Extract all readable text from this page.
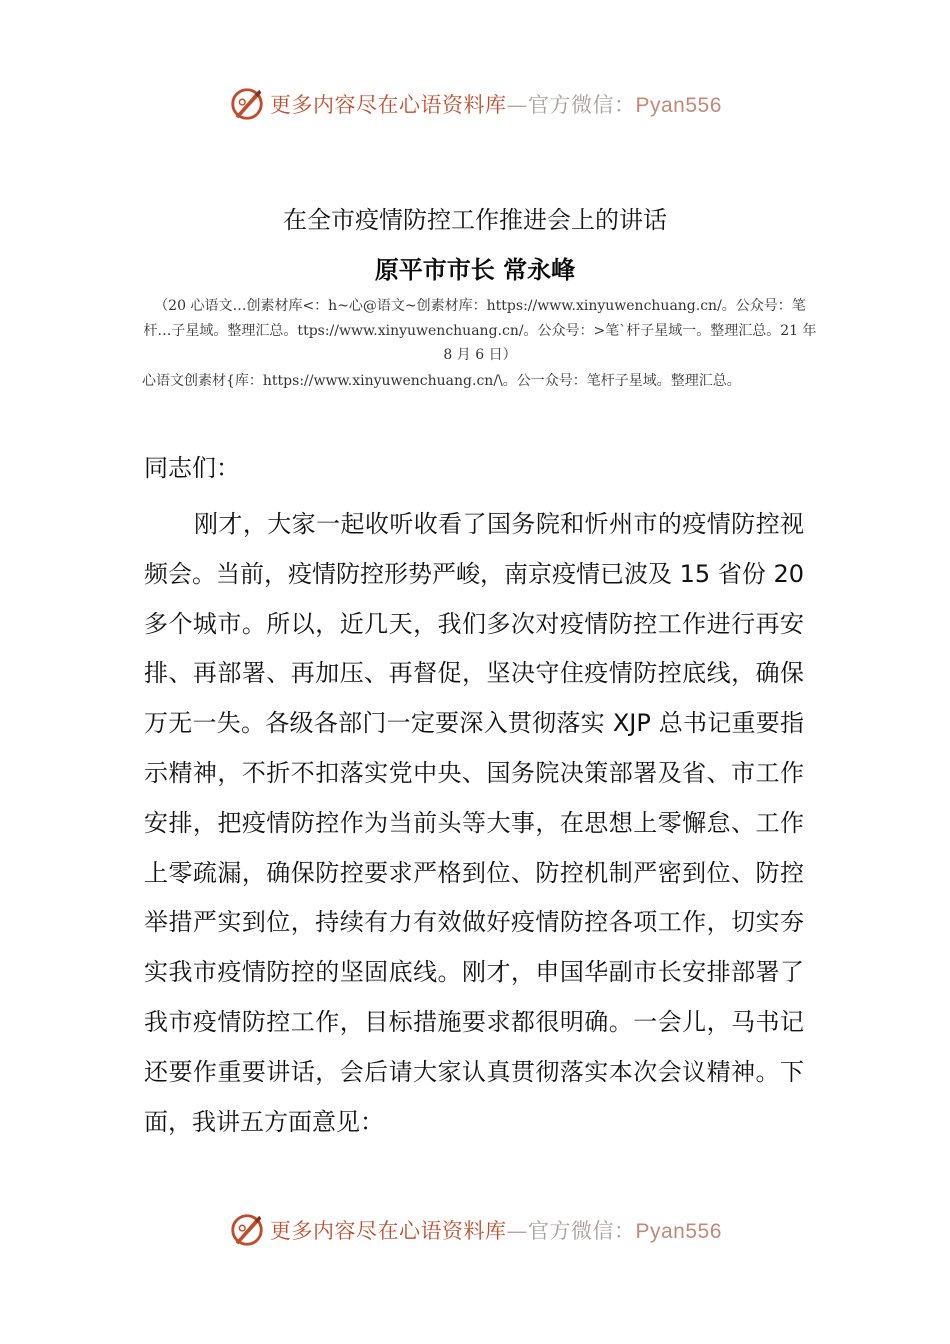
更多内容尽在心语资料库—官方微信：Pyan556
在全市疫情防控工作推进会上的讲话
原平市市长 常永峰
（20 心语文…创素材库<：h~心@语文~创素材库：https://www.xinyuwenchuang.cn/。公众号：笔杆…子星域。整理汇总。ttps://www.xinyuwenchuang.cn/。公众号：>笔`杆子星域一。整理汇总。21 年 8 月 6 日）
心语文创素材{库：https://www.xinyuwenchuang.cn/\。公一众号：笔杆子星域。整理汇总。
同志们：
刚才，大家一起收听收看了国务院和忻州市的疫情防控视频会。当前，疫情防控形势严峻，南京疫情已波及 15 省份 20 多个城市。所以，近几天，我们多次对疫情防控工作进行再安排、再部署、再加压、再督促，坚决守住疫情防控底线，确保万无一失。各级各部门一定要深入贯彻落实 XJP 总书记重要指示精神，不折不扣落实党中央、国务院决策部署及省、市工作安排，把疫情防控作为当前头等大事，在思想上零懈怠、工作上零疏漏，确保防控要求严格到位、防控机制严密到位、防控举措严实到位，持续有力有效做好疫情防控各项工作，切实夯实我市疫情防控的坚固底线。刚才，申国华副市长安排部署了我市疫情防控工作，目标措施要求都很明确。一会儿，马书记还要作重要讲话，会后请大家认真贯彻落实本次会议精神。下面，我讲五方面意见：
更多内容尽在心语资料库—官方微信：Pyan556
